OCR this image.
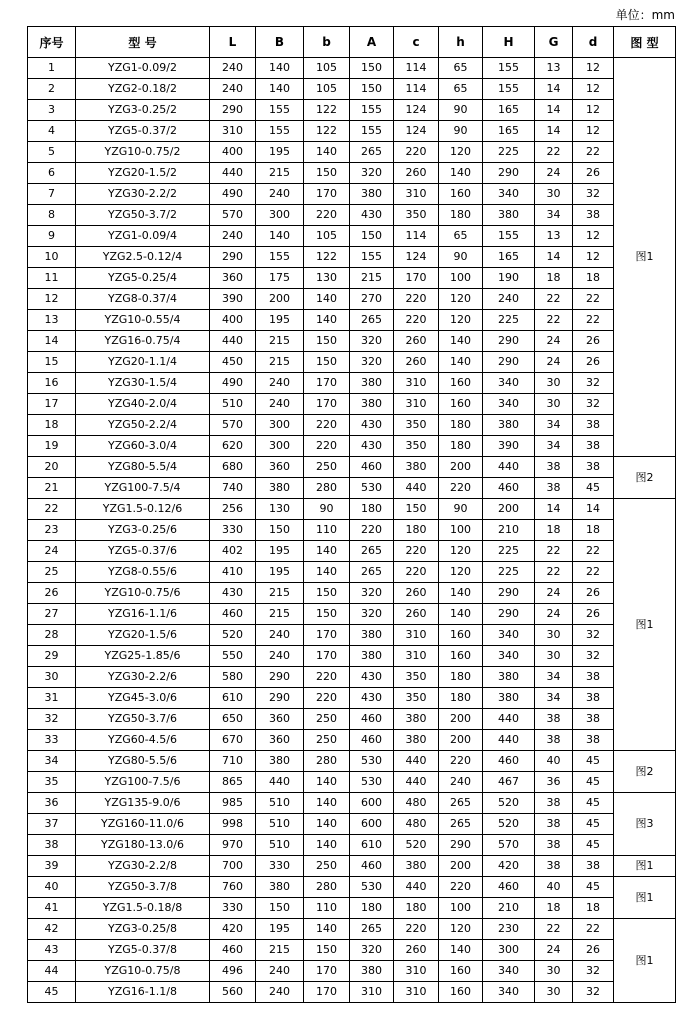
单位：mm
序号	型 号	L	B	b	A	c	h	H	G	d	图 型
1	YZG1-0.09/2	240	140	105	150	114	65	155	13	12	图1
2	YZG2-0.18/2	240	140	105	150	114	65	155	14	12	
3	YZG3-0.25/2	290	155	122	155	124	90	165	14	12	
4	YZG5-0.37/2	310	155	122	155	124	90	165	14	12	
5	YZG10-0.75/2	400	195	140	265	220	120	225	22	22	
6	YZG20-1.5/2	440	215	150	320	260	140	290	24	26	
7	YZG30-2.2/2	490	240	170	380	310	160	340	30	32	
8	YZG50-3.7/2	570	300	220	430	350	180	380	34	38	
9	YZG1-0.09/4	240	140	105	150	114	65	155	13	12	
10	YZG2.5-0.12/4	290	155	122	155	124	90	165	14	12	
11	YZG5-0.25/4	360	175	130	215	170	100	190	18	18	
12	YZG8-0.37/4	390	200	140	270	220	120	240	22	22	
13	YZG10-0.55/4	400	195	140	265	220	120	225	22	22	
14	YZG16-0.75/4	440	215	150	320	260	140	290	24	26	
15	YZG20-1.1/4	450	215	150	320	260	140	290	24	26	
16	YZG30-1.5/4	490	240	170	380	310	160	340	30	32	
17	YZG40-2.0/4	510	240	170	380	310	160	340	30	32	
18	YZG50-2.2/4	570	300	220	430	350	180	380	34	38	
19	YZG60-3.0/4	620	300	220	430	350	180	390	34	38	
20	YZG80-5.5/4	680	360	250	460	380	200	440	38	38	图2
21	YZG100-7.5/4	740	380	280	530	440	220	460	38	45	
22	YZG1.5-0.12/6	256	130	90	180	150	90	200	14	14	图1
23	YZG3-0.25/6	330	150	110	220	180	100	210	18	18	
24	YZG5-0.37/6	402	195	140	265	220	120	225	22	22	
25	YZG8-0.55/6	410	195	140	265	220	120	225	22	22	
26	YZG10-0.75/6	430	215	150	320	260	140	290	24	26	
27	YZG16-1.1/6	460	215	150	320	260	140	290	24	26	
28	YZG20-1.5/6	520	240	170	380	310	160	340	30	32	
29	YZG25-1.85/6	550	240	170	380	310	160	340	30	32	
30	YZG30-2.2/6	580	290	220	430	350	180	380	34	38	
31	YZG45-3.0/6	610	290	220	430	350	180	380	34	38	
32	YZG50-3.7/6	650	360	250	460	380	200	440	38	38	
33	YZG60-4.5/6	670	360	250	460	380	200	440	38	38	
34	YZG80-5.5/6	710	380	280	530	440	220	460	40	45	图2
35	YZG100-7.5/6	865	440	140	530	440	240	467	36	45	
36	YZG135-9.0/6	985	510	140	600	480	265	520	38	45	图3
37	YZG160-11.0/6	998	510	140	600	480	265	520	38	45	
38	YZG180-13.0/6	970	510	140	610	520	290	570	38	45	
39	YZG30-2.2/8	700	330	250	460	380	200	420	38	38	图1
40	YZG50-3.7/8	760	380	280	530	440	220	460	40	45	图1
41	YZG1.5-0.18/8	330	150	110	180	180	100	210	18	18	
42	YZG3-0.25/8	420	195	140	265	220	120	230	22	22	图1
43	YZG5-0.37/8	460	215	150	320	260	140	300	24	26	
44	YZG10-0.75/8	496	240	170	380	310	160	340	30	32	
45	YZG16-1.1/8	560	240	170	310	310	160	340	30	32	
